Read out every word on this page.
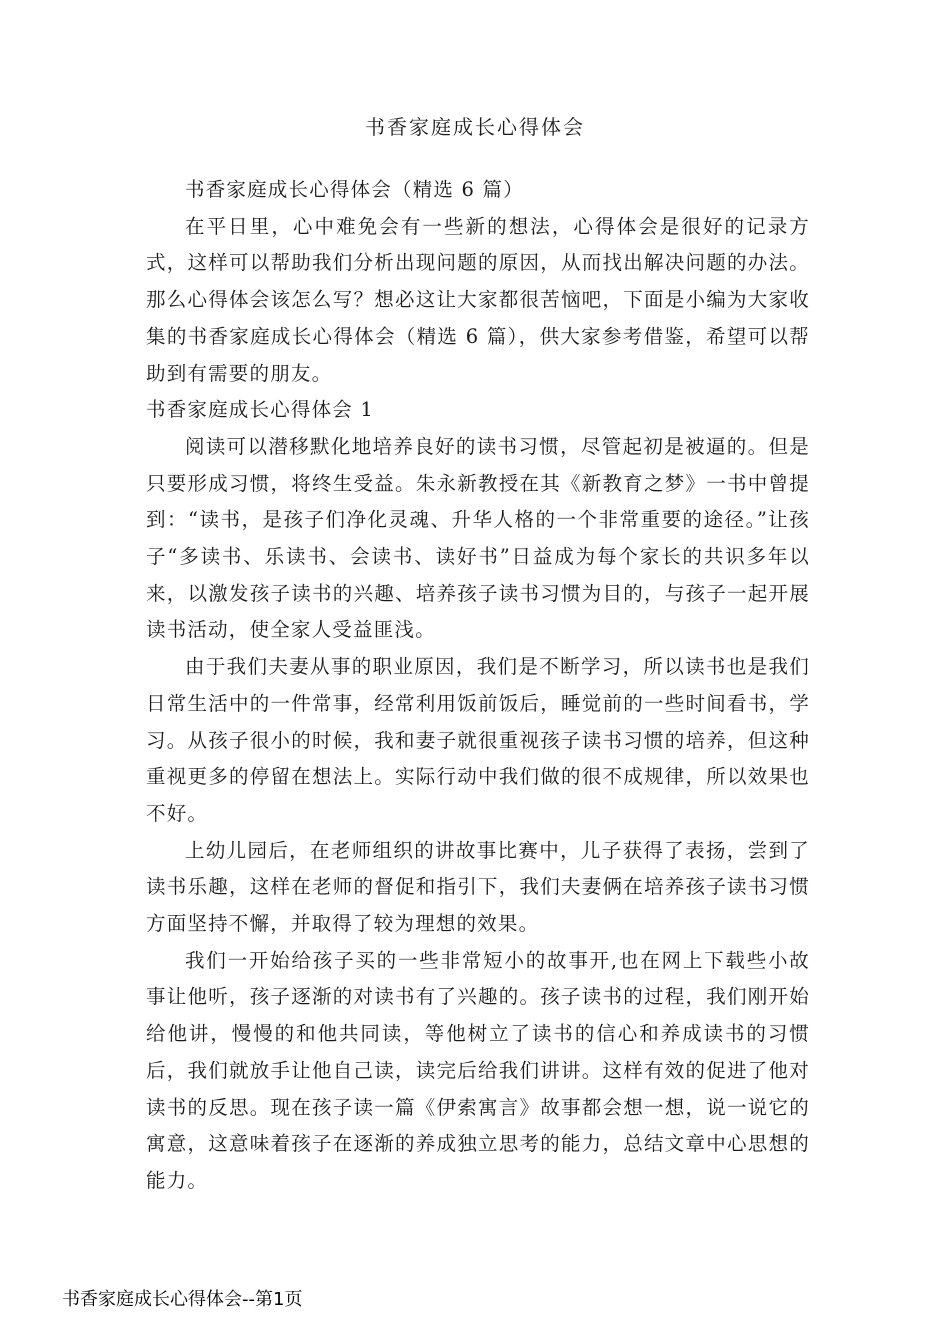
书香家庭成长心得体会

书香家庭成长心得体会（精选 6 篇）

在平日里，心中难免会有一些新的想法，心得体会是很好的记录方式，这样可以帮助我们分析出现问题的原因，从而找出解决问题的办法。那么心得体会该怎么写？想必这让大家都很苦恼吧，下面是小编为大家收集的书香家庭成长心得体会（精选 6 篇），供大家参考借鉴，希望可以帮助到有需要的朋友。

书香家庭成长心得体会 1

阅读可以潜移默化地培养良好的读书习惯，尽管起初是被逼的。但是只要形成习惯，将终生受益。朱永新教授在其《新教育之梦》一书中曾提到：“读书，是孩子们净化灵魂、升华人格的一个非常重要的途径。”让孩子“多读书、乐读书、会读书、读好书”日益成为每个家长的共识多年以来，以激发孩子读书的兴趣、培养孩子读书习惯为目的，与孩子一起开展读书活动，使全家人受益匪浅。

由于我们夫妻从事的职业原因，我们是不断学习，所以读书也是我们日常生活中的一件常事，经常利用饭前饭后，睡觉前的一些时间看书，学习。从孩子很小的时候，我和妻子就很重视孩子读书习惯的培养，但这种重视更多的停留在想法上。实际行动中我们做的很不成规律，所以效果也不好。

上幼儿园后，在老师组织的讲故事比赛中，儿子获得了表扬，尝到了读书乐趣，这样在老师的督促和指引下，我们夫妻俩在培养孩子读书习惯方面坚持不懈，并取得了较为理想的效果。

我们一开始给孩子买的一些非常短小的故事开,也在网上下载些小故事让他听，孩子逐渐的对读书有了兴趣的。孩子读书的过程，我们刚开始给他讲，慢慢的和他共同读，等他树立了读书的信心和养成读书的习惯后，我们就放手让他自己读，读完后给我们讲讲。这样有效的促进了他对读书的反思。现在孩子读一篇《伊索寓言》故事都会想一想，说一说它的寓意，这意味着孩子在逐渐的养成独立思考的能力，总结文章中心思想的能力。

书香家庭成长心得体会--第1页
